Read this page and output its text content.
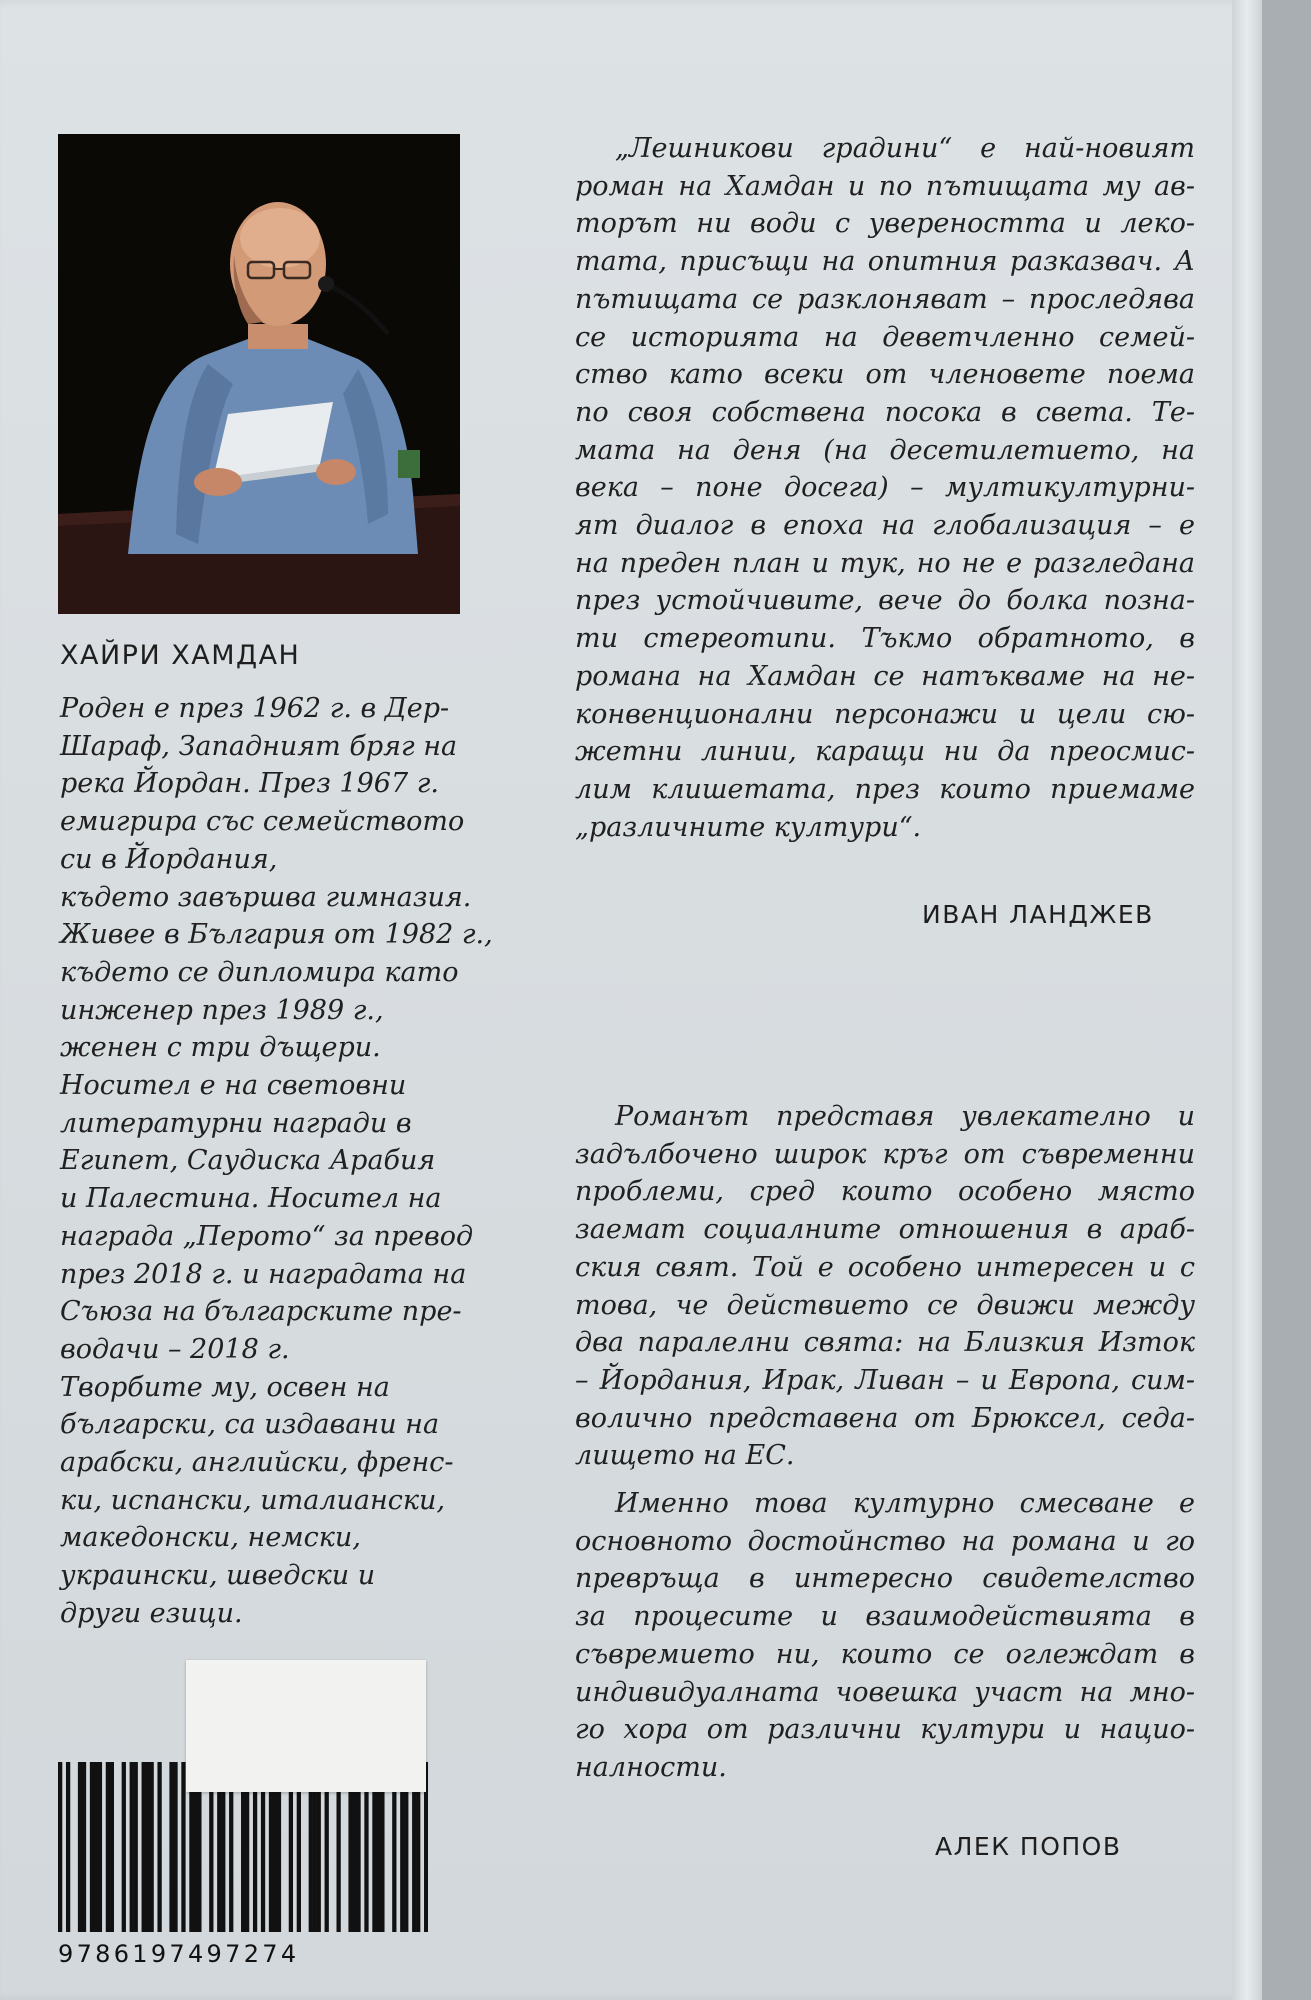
ХАЙРИ ХАМДАН
Роден е през 1962 г. в Дер-
Шараф, Западният бряг на
река Йордан. През 1967 г.
емигрира със семейството
си в Йордания,
където завършва гимназия.
Живее в България от 1982 г.,
където се дипломира като
инженер през 1989 г.,
женен с три дъщери.
Носител е на световни
литературни награди в
Египет, Саудиска Арабия
и Палестина. Носител на
награда „Перото“ за превод
през 2018 г. и наградата на
Съюза на българските пре-
водачи – 2018 г.
Творбите му, освен на
български, са издавани на
арабски, английски, френс-
ки, испански, италиански,
македонски, немски,
украински, шведски и
други езици.
„Лешникови градини“ е най-новият
роман на Хамдан и по пътищата му ав-
торът ни води с увереността и леко-
тата, присъщи на опитния разказвач. А
пътищата се разклоняват – проследява
се историята на деветчленно семей-
ство като всеки от членовете поема
по своя собствена посока в света. Те-
мата на деня (на десетилетието, на
века – поне досега) – мултикултурни-
ят диалог в епоха на глобализация – е
на преден план и тук, но не е разгледана
през устойчивите, вече до болка позна-
ти стереотипи. Тъкмо обратното, в
романа на Хамдан се натъкваме на не-
конвенционални персонажи и цели сю-
жетни линии, каращи ни да преосмис-
лим клишетата, през които приемаме
„различните култури“.
ИВАН ЛАНДЖЕВ
Романът представя увлекателно и
задълбочено широк кръг от съвременни
проблеми, сред които особено място
заемат социалните отношения в араб-
ския свят. Той е особено интересен и с
това, че действието се движи между
два паралелни свята: на Близкия Изток
– Йордания, Ирак, Ливан – и Европа, сим-
волично представена от Брюксел, седа-
лището на ЕС.
Именно това културно смесване е
основното достойнство на романа и го
превръща в интересно свидетелство
за процесите и взаимодействията в
съвремието ни, които се оглеждат в
индивидуалната човешка участ на мно-
го хора от различни култури и нацио-
налности.
АЛЕК ПОПОВ
9786197497274
